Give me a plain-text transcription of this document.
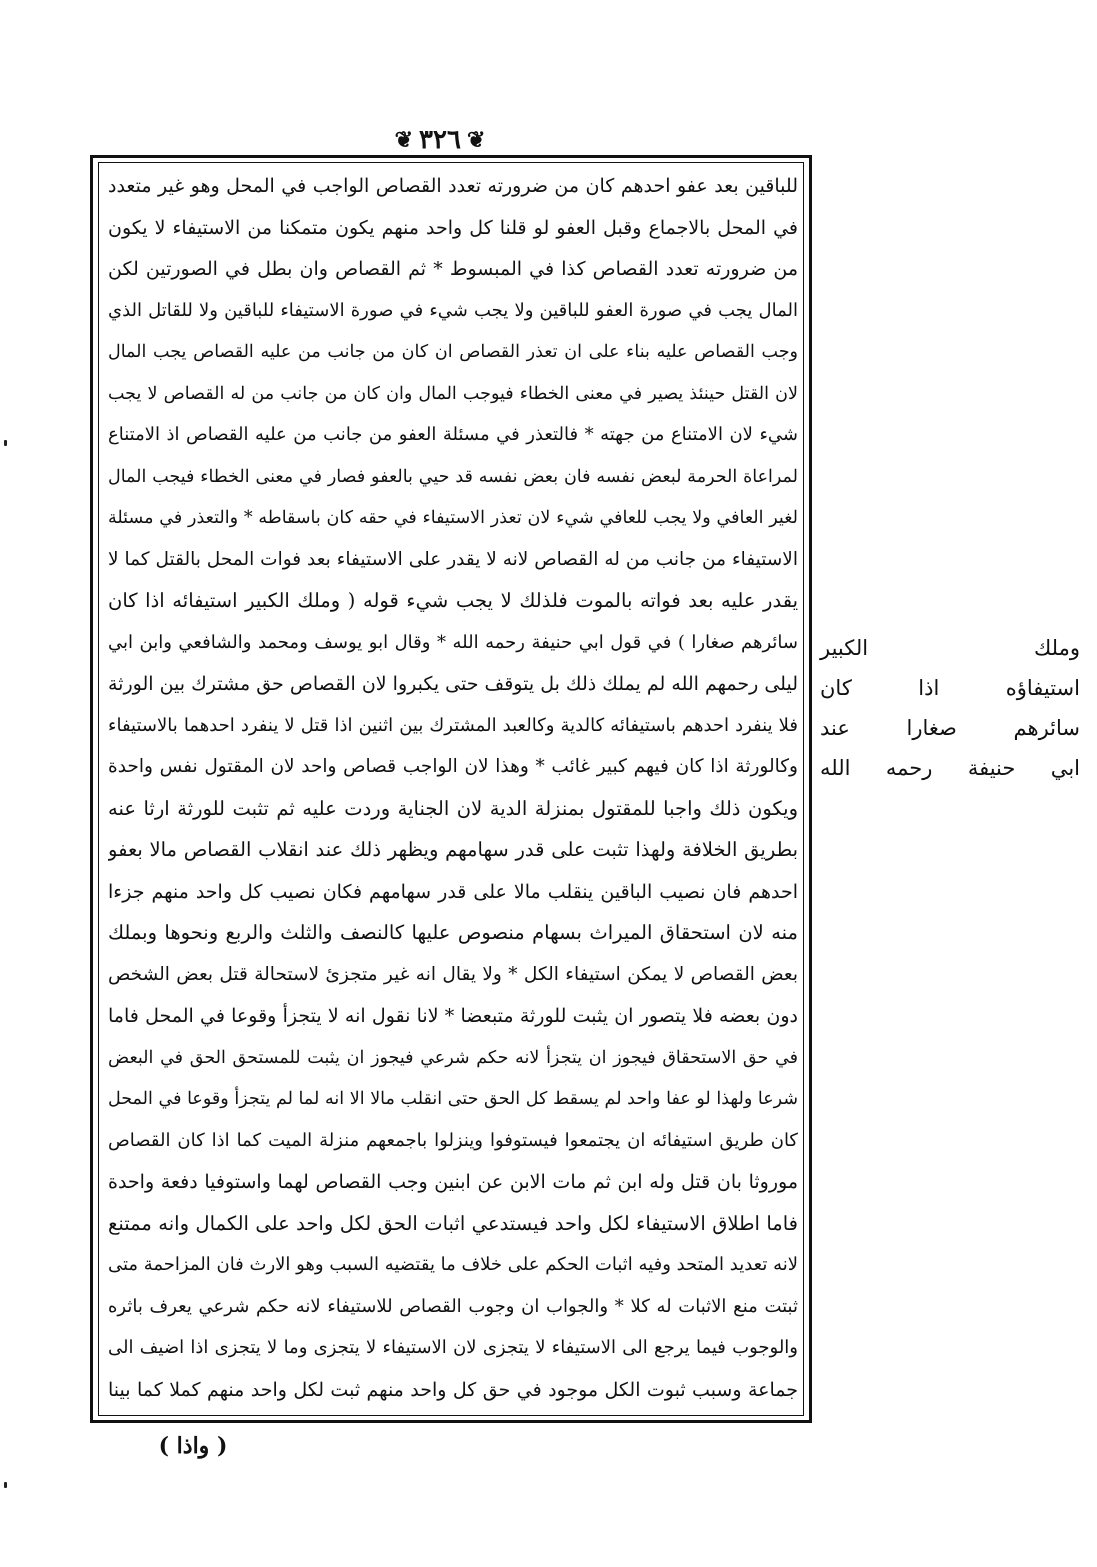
❦
٣٢٦
❦
للباقين بعد عفو احدهم كان من ضرورته تعدد القصاص الواجب في المحل وهو غير متعدد
في المحل بالاجماع وقبل العفو لو قلنا كل واحد منهم يكون متمكنا من الاستيفاء لا يكون
من ضرورته تعدد القصاص كذا في المبسوط * ثم القصاص وان بطل في الصورتين لكن
المال يجب في صورة العفو للباقين ولا يجب شيء في صورة الاستيفاء للباقين ولا للقاتل الذي
وجب القصاص عليه بناء على ان تعذر القصاص ان كان من جانب من عليه القصاص يجب المال
لان القتل حينئذ يصير في معنى الخطاء فيوجب المال وان كان من جانب من له القصاص لا يجب
شيء لان الامتناع من جهته * فالتعذر في مسئلة العفو من جانب من عليه القصاص اذ الامتناع
لمراعاة الحرمة لبعض نفسه فان بعض نفسه قد حيي بالعفو فصار في معنى الخطاء فيجب المال
لغير العافي ولا يجب للعافي شيء لان تعذر الاستيفاء في حقه كان باسقاطه * والتعذر في مسئلة
الاستيفاء من جانب من له القصاص لانه لا يقدر على الاستيفاء بعد فوات المحل بالقتل كما لا
يقدر عليه بعد فواته بالموت فلذلك لا يجب شيء قوله ( وملك الكبير استيفائه اذا كان
سائرهم صغارا ) في قول ابي حنيفة رحمه الله * وقال ابو يوسف ومحمد والشافعي وابن ابي
ليلى رحمهم الله لم يملك ذلك بل يتوقف حتى يكبروا لان القصاص حق مشترك بين الورثة
فلا ينفرد احدهم باستيفائه كالدية وكالعبد المشترك بين اثنين اذا قتل لا ينفرد احدهما بالاستيفاء
وكالورثة اذا كان فيهم كبير غائب * وهذا لان الواجب قصاص واحد لان المقتول نفس واحدة
ويكون ذلك واجبا للمقتول بمنزلة الدية لان الجناية وردت عليه ثم تثبت للورثة ارثا عنه
بطريق الخلافة ولهذا تثبت على قدر سهامهم ويظهر ذلك عند انقلاب القصاص مالا بعفو
احدهم فان نصيب الباقين ينقلب مالا على قدر سهامهم فكان نصيب كل واحد منهم جزءا
منه لان استحقاق الميراث بسهام منصوص عليها كالنصف والثلث والربع ونحوها وبملك
بعض القصاص لا يمكن استيفاء الكل * ولا يقال انه غير متجزئ لاستحالة قتل بعض الشخص
دون بعضه فلا يتصور ان يثبت للورثة متبعضا * لانا نقول انه لا يتجزأ وقوعا في المحل فاما
في حق الاستحقاق فيجوز ان يتجزأ لانه حكم شرعي فيجوز ان يثبت للمستحق الحق في البعض
شرعا ولهذا لو عفا واحد لم يسقط كل الحق حتى انقلب مالا الا انه لما لم يتجزأ وقوعا في المحل
كان طريق استيفائه ان يجتمعوا فيستوفوا وينزلوا باجمعهم منزلة الميت كما اذا كان القصاص
موروثا بان قتل وله ابن ثم مات الابن عن ابنين وجب القصاص لهما واستوفيا دفعة واحدة
فاما اطلاق الاستيفاء لكل واحد فيستدعي اثبات الحق لكل واحد على الكمال وانه ممتنع
لانه تعديد المتحد وفيه اثبات الحكم على خلاف ما يقتضيه السبب وهو الارث فان المزاحمة متى
ثبتت منع الاثبات له كلا * والجواب ان وجوب القصاص للاستيفاء لانه حكم شرعي يعرف باثره
والوجوب فيما يرجع الى الاستيفاء لا يتجزى لان الاستيفاء لا يتجزى وما لا يتجزى اذا اضيف الى
جماعة وسبب ثبوت الكل موجود في حق كل واحد منهم ثبت لكل واحد منهم كملا كما بينا
وملك الكبير
استيفاؤه اذا كان
سائرهم صغارا عند
ابي حنيفة رحمه الله
( واذا )
